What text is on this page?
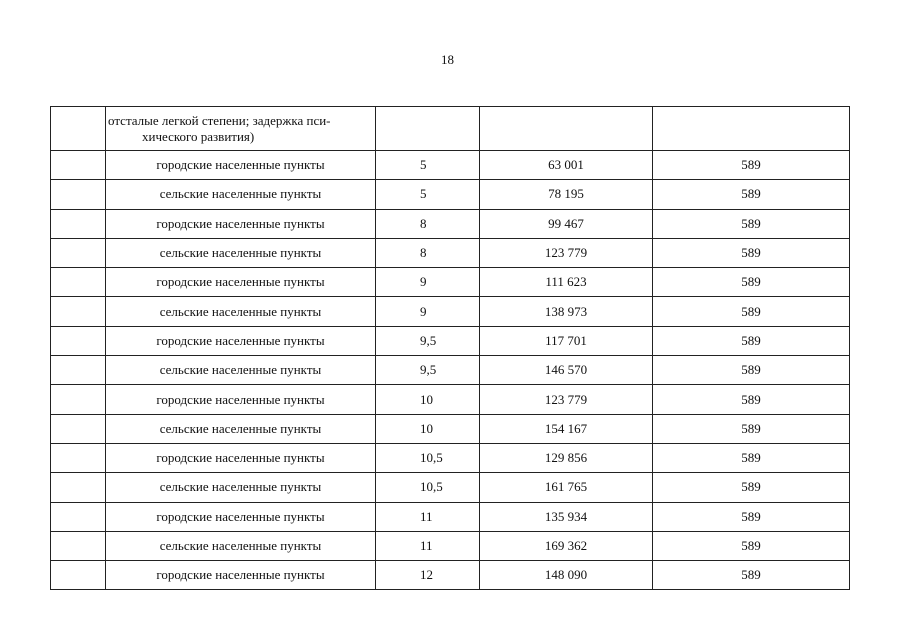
18

	отсталые легкой степени; задержка пси-
хического развития)			

	городские населенные пункты	5	63 001	589
	сельские населенные пункты	5	78 195	589
	городские населенные пункты	8	99 467	589
	сельские населенные пункты	8	123 779	589
	городские населенные пункты	9	111 623	589
	сельские населенные пункты	9	138 973	589
	городские населенные пункты	9,5	117 701	589
	сельские населенные пункты	9,5	146 570	589
	городские населенные пункты	10	123 779	589
	сельские населенные пункты	10	154 167	589
	городские населенные пункты	10,5	129 856	589
	сельские населенные пункты	10,5	161 765	589
	городские населенные пункты	11	135 934	589
	сельские населенные пункты	11	169 362	589
	городские населенные пункты	12	148 090	589
